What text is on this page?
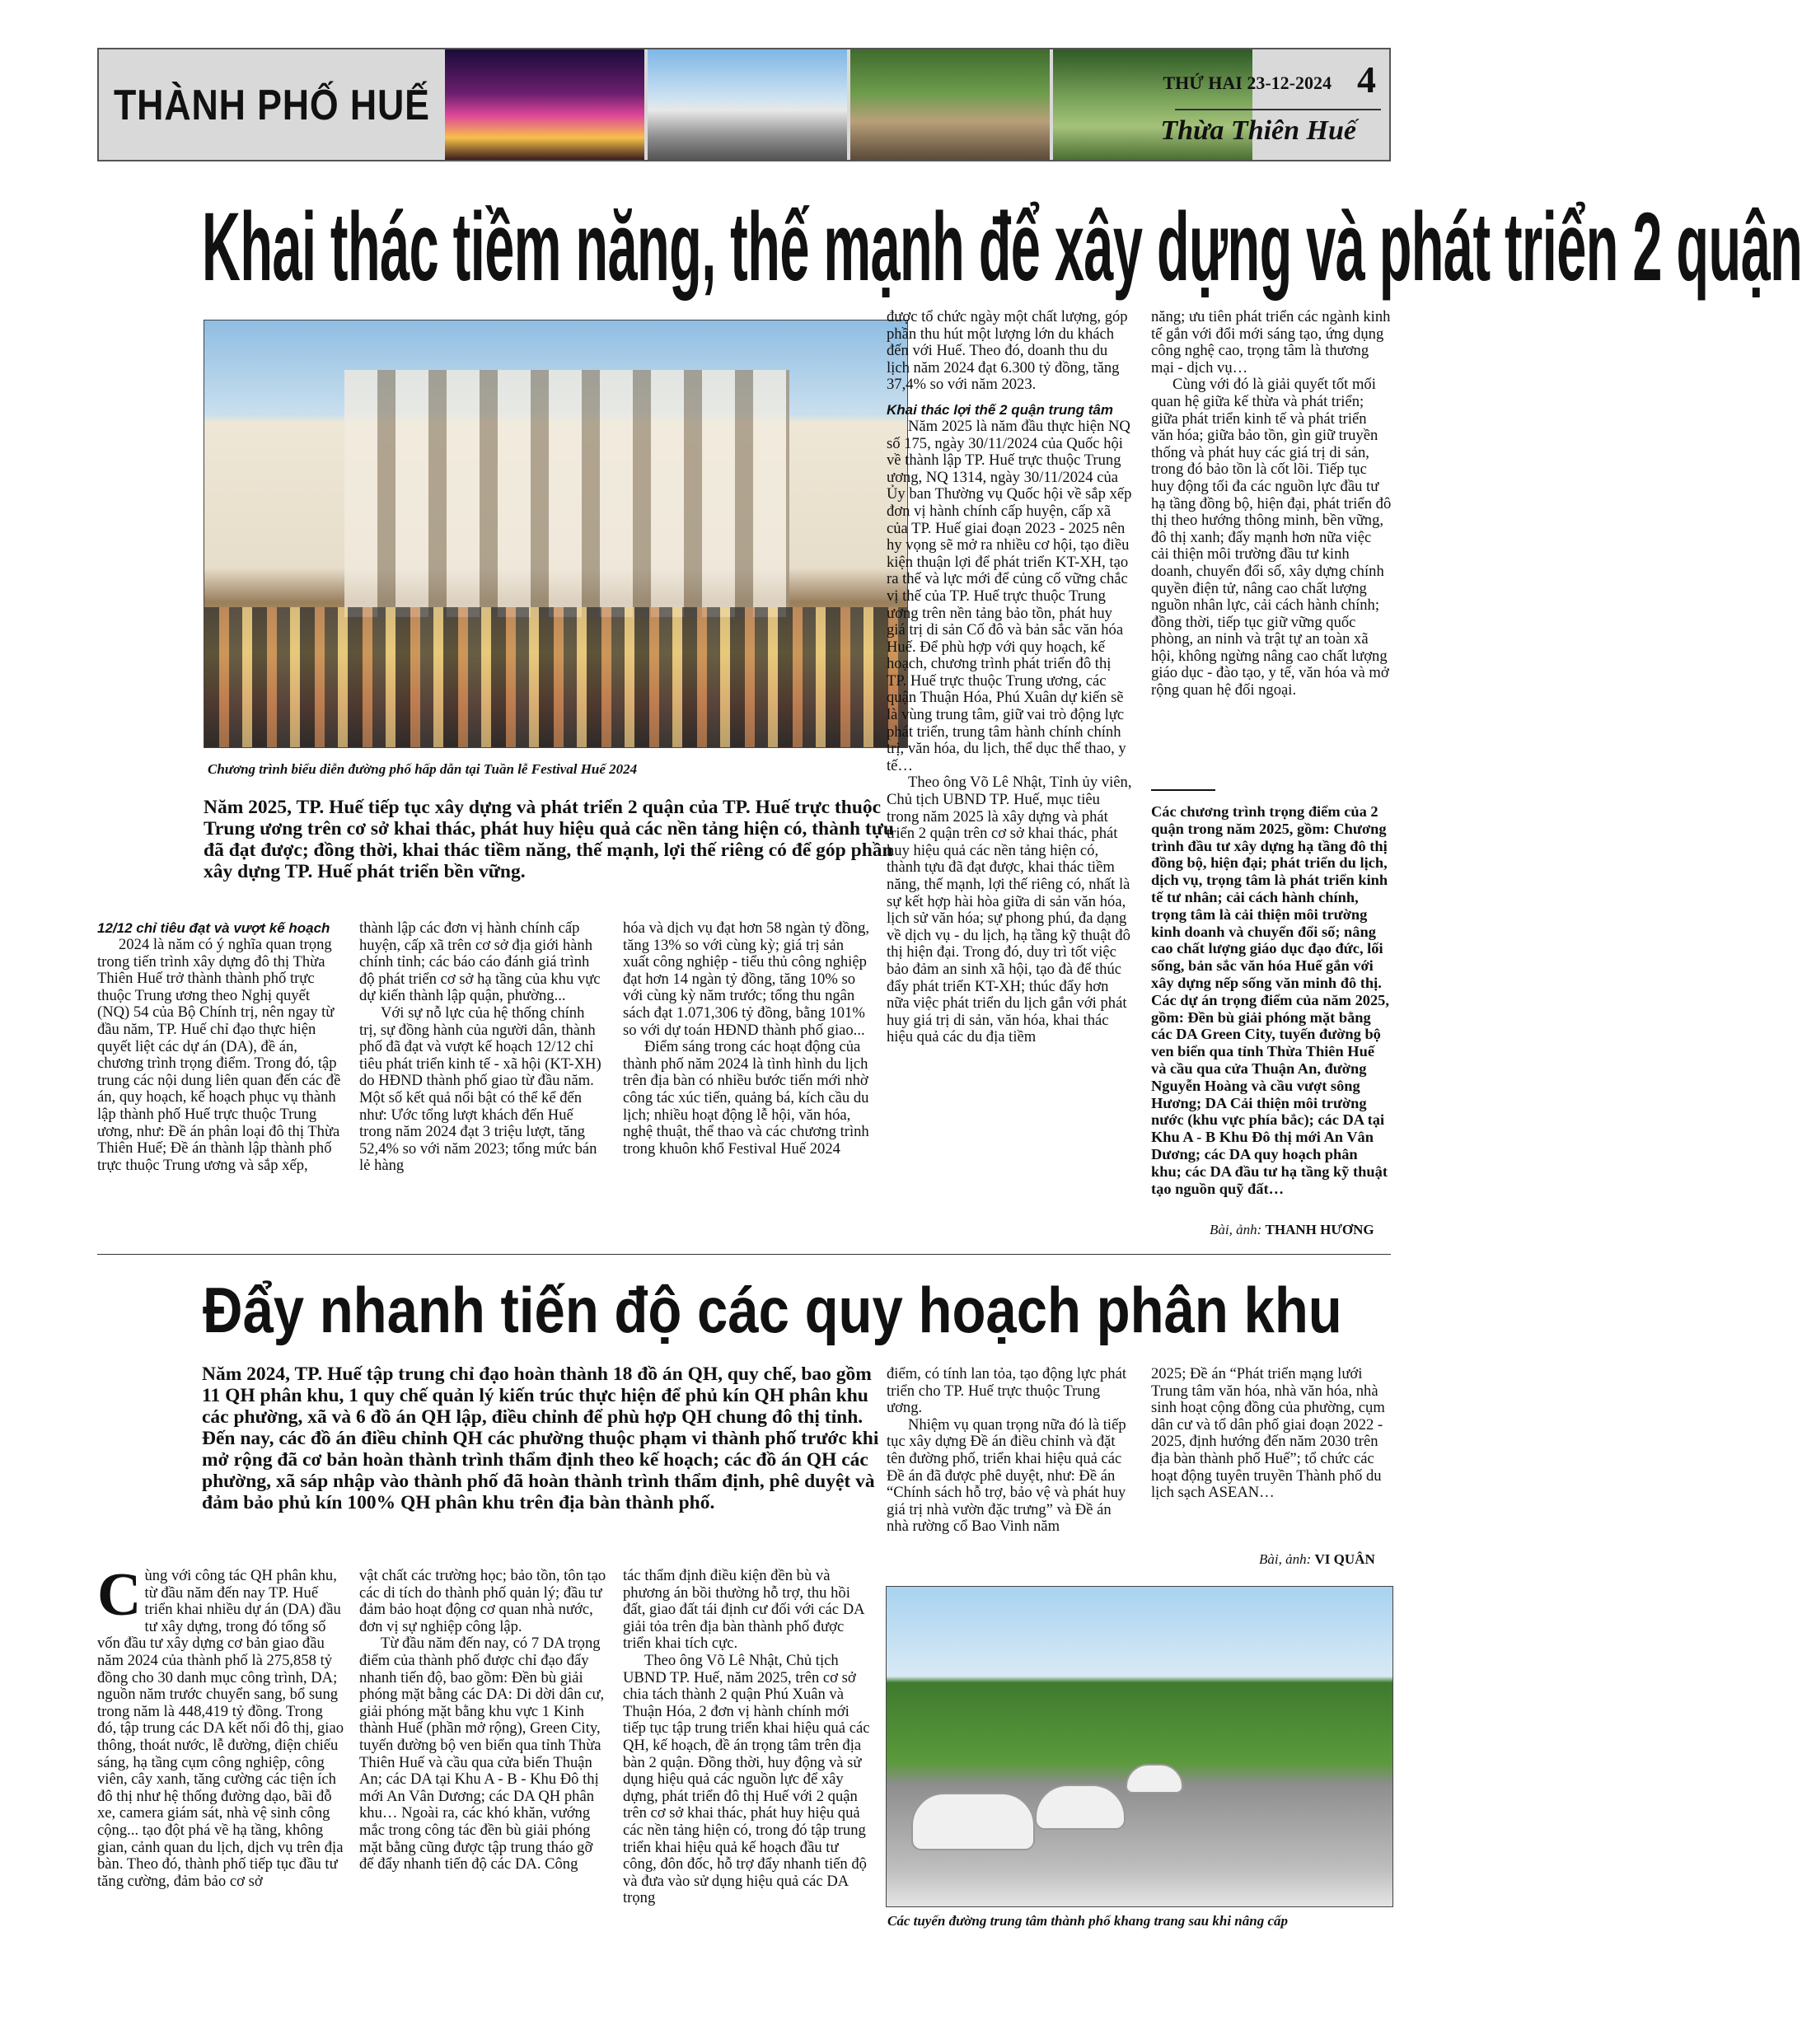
THÀNH PHỐ HUẾ	THỨ HAI 23-12-2024 4
Thừa Thiên Huế
Khai thác tiềm năng, thế mạnh để xây dựng và phát triển 2 quận
Chương trình biểu diễn đường phố hấp dẫn tại Tuần lễ Festival Huế 2024
Năm 2025, TP. Huế tiếp tục xây dựng và phát triển 2 quận của TP. Huế trực thuộc Trung ương trên cơ sở khai thác, phát huy hiệu quả các nền tảng hiện có, thành tựu đã đạt được; đồng thời, khai thác tiềm năng, thế mạnh, lợi thế riêng có để góp phần xây dựng TP. Huế phát triển bền vững.
12/12 chỉ tiêu đạt và vượt kế hoạch

2024 là năm có ý nghĩa quan trọng trong tiến trình xây dựng đô thị Thừa Thiên Huế trở thành thành phố trực thuộc Trung ương theo Nghị quyết (NQ) 54 của Bộ Chính trị, nên ngay từ đầu năm, TP. Huế chỉ đạo thực hiện quyết liệt các dự án (DA), đề án, chương trình trọng điểm. Trong đó, tập trung các nội dung liên quan đến các đề án, quy hoạch, kế hoạch phục vụ thành lập thành phố Huế trực thuộc Trung ương, như: Đề án phân loại đô thị Thừa Thiên Huế; Đề án thành lập thành phố trực thuộc Trung ương và sắp xếp,

thành lập các đơn vị hành chính cấp huyện, cấp xã trên cơ sở địa giới hành chính tỉnh; các báo cáo đánh giá trình độ phát triển cơ sở hạ tầng của khu vực dự kiến thành lập quận, phường...

Với sự nỗ lực của hệ thống chính trị, sự đồng hành của người dân, thành phố đã đạt và vượt kế hoạch 12/12 chỉ tiêu phát triển kinh tế - xã hội (KT-XH) do HĐND thành phố giao từ đầu năm. Một số kết quả nổi bật có thể kể đến như: Ước tổng lượt khách đến Huế trong năm 2024 đạt 3 triệu lượt, tăng 52,4% so với năm 2023; tổng mức bán lẻ hàng

hóa và dịch vụ đạt hơn 58 ngàn tỷ đồng, tăng 13% so với cùng kỳ; giá trị sản xuất công nghiệp - tiểu thủ công nghiệp đạt hơn 14 ngàn tỷ đồng, tăng 10% so với cùng kỳ năm trước; tổng thu ngân sách đạt 1.071,306 tỷ đồng, bằng 101% so với dự toán HĐND thành phố giao...

Điểm sáng trong các hoạt động của thành phố năm 2024 là tình hình du lịch trên địa bàn có nhiều bước tiến mới nhờ công tác xúc tiến, quảng bá, kích cầu du lịch; nhiều hoạt động lễ hội, văn hóa, nghệ thuật, thể thao và các chương trình trong khuôn khổ Festival Huế 2024

được tổ chức ngày một chất lượng, góp phần thu hút một lượng lớn du khách đến với Huế. Theo đó, doanh thu du lịch năm 2024 đạt 6.300 tỷ đồng, tăng 37,4% so với năm 2023.

Khai thác lợi thế 2 quận trung tâm

Năm 2025 là năm đầu thực hiện NQ số 175, ngày 30/11/2024 của Quốc hội về thành lập TP. Huế trực thuộc Trung ương, NQ 1314, ngày 30/11/2024 của Ủy ban Thường vụ Quốc hội về sắp xếp đơn vị hành chính cấp huyện, cấp xã của TP. Huế giai đoạn 2023 - 2025 nên hy vọng sẽ mở ra nhiều cơ hội, tạo điều kiện thuận lợi để phát triển KT-XH, tạo ra thế và lực mới để củng cố vững chắc vị thế của TP. Huế trực thuộc Trung ương trên nền tảng bảo tồn, phát huy giá trị di sản Cố đô và bản sắc văn hóa Huế. Để phù hợp với quy hoạch, kế hoạch, chương trình phát triển đô thị TP. Huế trực thuộc Trung ương, các quận Thuận Hóa, Phú Xuân dự kiến sẽ là vùng trung tâm, giữ vai trò động lực phát triển, trung tâm hành chính chính trị, văn hóa, du lịch, thể dục thể thao, y tế…

Theo ông Võ Lê Nhật, Tỉnh ủy viên, Chủ tịch UBND TP. Huế, mục tiêu trong năm 2025 là xây dựng và phát triển 2 quận trên cơ sở khai thác, phát huy hiệu quả các nền tảng hiện có, thành tựu đã đạt được, khai thác tiềm năng, thế mạnh, lợi thế riêng có, nhất là sự kết hợp hài hòa giữa di sản văn hóa, lịch sử văn hóa; sự phong phú, đa dạng về dịch vụ - du lịch, hạ tầng kỹ thuật đô thị hiện đại. Trong đó, duy trì tốt việc bảo đảm an sinh xã hội, tạo đà để thúc đẩy phát triển KT-XH; thúc đẩy hơn nữa việc phát triển du lịch gắn với phát huy giá trị di sản, văn hóa, khai thác hiệu quả các du địa tiềm

năng; ưu tiên phát triển các ngành kinh tế gắn với đổi mới sáng tạo, ứng dụng công nghệ cao, trọng tâm là thương mại - dịch vụ…

Cùng với đó là giải quyết tốt mối quan hệ giữa kế thừa và phát triển; giữa phát triển kinh tế và phát triển văn hóa; giữa bảo tồn, gìn giữ truyền thống và phát huy các giá trị di sản, trong đó bảo tồn là cốt lõi. Tiếp tục huy động tối đa các nguồn lực đầu tư hạ tầng đồng bộ, hiện đại, phát triển đô thị theo hướng thông minh, bền vững, đô thị xanh; đẩy mạnh hơn nữa việc cải thiện môi trường đầu tư kinh doanh, chuyển đổi số, xây dựng chính quyền điện tử, nâng cao chất lượng nguồn nhân lực, cải cách hành chính; đồng thời, tiếp tục giữ vững quốc phòng, an ninh và trật tự an toàn xã hội, không ngừng nâng cao chất lượng giáo dục - đào tạo, y tế, văn hóa và mở rộng quan hệ đối ngoại.

Các chương trình trọng điểm của 2 quận trong năm 2025, gồm: Chương trình đầu tư xây dựng hạ tầng đô thị đồng bộ, hiện đại; phát triển du lịch, dịch vụ, trọng tâm là phát triển kinh tế tư nhân; cải cách hành chính, trọng tâm là cải thiện môi trường kinh doanh và chuyển đổi số; nâng cao chất lượng giáo dục đạo đức, lối sống, bản sắc văn hóa Huế gắn với xây dựng nếp sống văn minh đô thị. Các dự án trọng điểm của năm 2025, gồm: Đền bù giải phóng mặt bằng các DA Green City, tuyến đường bộ ven biển qua tỉnh Thừa Thiên Huế và cầu qua cửa Thuận An, đường Nguyễn Hoàng và cầu vượt sông Hương; DA Cải thiện môi trường nước (khu vực phía bắc); các DA tại Khu A - B Khu Đô thị mới An Vân Dương; các DA quy hoạch phân khu; các DA đầu tư hạ tầng kỹ thuật tạo nguồn quỹ đất…
Bài, ảnh: THANH HƯƠNG
Đẩy nhanh tiến độ các quy hoạch phân khu
Năm 2024, TP. Huế tập trung chỉ đạo hoàn thành 18 đồ án QH, quy chế, bao gồm 11 QH phân khu, 1 quy chế quản lý kiến trúc thực hiện để phủ kín QH phân khu các phường, xã và 6 đồ án QH lập, điều chỉnh để phù hợp QH chung đô thị tỉnh. Đến nay, các đồ án điều chỉnh QH các phường thuộc phạm vi thành phố trước khi mở rộng đã cơ bản hoàn thành trình thẩm định theo kế hoạch; các đồ án QH các phường, xã sáp nhập vào thành phố đã hoàn thành trình thẩm định, phê duyệt và đảm bảo phủ kín 100% QH phân khu trên địa bàn thành phố.

Cùng với công tác QH phân khu, từ đầu năm đến nay TP. Huế triển khai nhiều dự án (DA) đầu tư xây dựng, trong đó tổng số vốn đầu tư xây dựng cơ bản giao đầu năm 2024 của thành phố là 275,858 tỷ đồng cho 30 danh mục công trình, DA; nguồn năm trước chuyển sang, bổ sung trong năm là 448,419 tỷ đồng. Trong đó, tập trung các DA kết nối đô thị, giao thông, thoát nước, lễ đường, điện chiếu sáng, hạ tầng cụm công nghiệp, công viên, cây xanh, tăng cường các tiện ích đô thị như hệ thống đường dạo, bãi đỗ xe, camera giám sát, nhà vệ sinh công cộng... tạo đột phá về hạ tầng, không gian, cảnh quan du lịch, dịch vụ trên địa bàn. Theo đó, thành phố tiếp tục đầu tư tăng cường, đảm bảo cơ sở

vật chất các trường học; bảo tồn, tôn tạo các di tích do thành phố quản lý; đầu tư đảm bảo hoạt động cơ quan nhà nước, đơn vị sự nghiệp công lập.

Từ đầu năm đến nay, có 7 DA trọng điểm của thành phố được chỉ đạo đẩy nhanh tiến độ, bao gồm: Đền bù giải phóng mặt bằng các DA: Di dời dân cư, giải phóng mặt bằng khu vực 1 Kinh thành Huế (phần mở rộng), Green City, tuyến đường bộ ven biển qua tỉnh Thừa Thiên Huế và cầu qua cửa biển Thuận An; các DA tại Khu A - B - Khu Đô thị mới An Vân Dương; các DA QH phân khu… Ngoài ra, các khó khăn, vướng mắc trong công tác đền bù giải phóng mặt bằng cũng được tập trung tháo gỡ để đẩy nhanh tiến độ các DA. Công

tác thẩm định điều kiện đền bù và phương án bồi thường hỗ trợ, thu hồi đất, giao đất tái định cư đối với các DA giải tỏa trên địa bàn thành phố được triển khai tích cực.

Theo ông Võ Lê Nhật, Chủ tịch UBND TP. Huế, năm 2025, trên cơ sở chia tách thành 2 quận Phú Xuân và Thuận Hóa, 2 đơn vị hành chính mới tiếp tục tập trung triển khai hiệu quả các QH, kế hoạch, đề án trọng tâm trên địa bàn 2 quận. Đồng thời, huy động và sử dụng hiệu quả các nguồn lực để xây dựng, phát triển đô thị Huế với 2 quận trên cơ sở khai thác, phát huy hiệu quả các nền tảng hiện có, trong đó tập trung triển khai hiệu quả kế hoạch đầu tư công, đôn đốc, hỗ trợ đẩy nhanh tiến độ và đưa vào sử dụng hiệu quả các DA trọng

điểm, có tính lan tỏa, tạo động lực phát triển cho TP. Huế trực thuộc Trung ương.

Nhiệm vụ quan trọng nữa đó là tiếp tục xây dựng Đề án điều chỉnh và đặt tên đường phố, triển khai hiệu quả các Đề án đã được phê duyệt, như: Đề án “Chính sách hỗ trợ, bảo vệ và phát huy giá trị nhà vườn đặc trưng” và Đề án nhà rường cổ Bao Vinh năm

2025; Đề án “Phát triển mạng lưới Trung tâm văn hóa, nhà văn hóa, nhà sinh hoạt cộng đồng của phường, cụm dân cư và tổ dân phố giai đoạn 2022 - 2025, định hướng đến năm 2030 trên địa bàn thành phố Huế”; tổ chức các hoạt động tuyên truyền Thành phố du lịch sạch ASEAN…

Bài, ảnh: VI QUÂN
Các tuyến đường trung tâm thành phố khang trang sau khi nâng cấp
